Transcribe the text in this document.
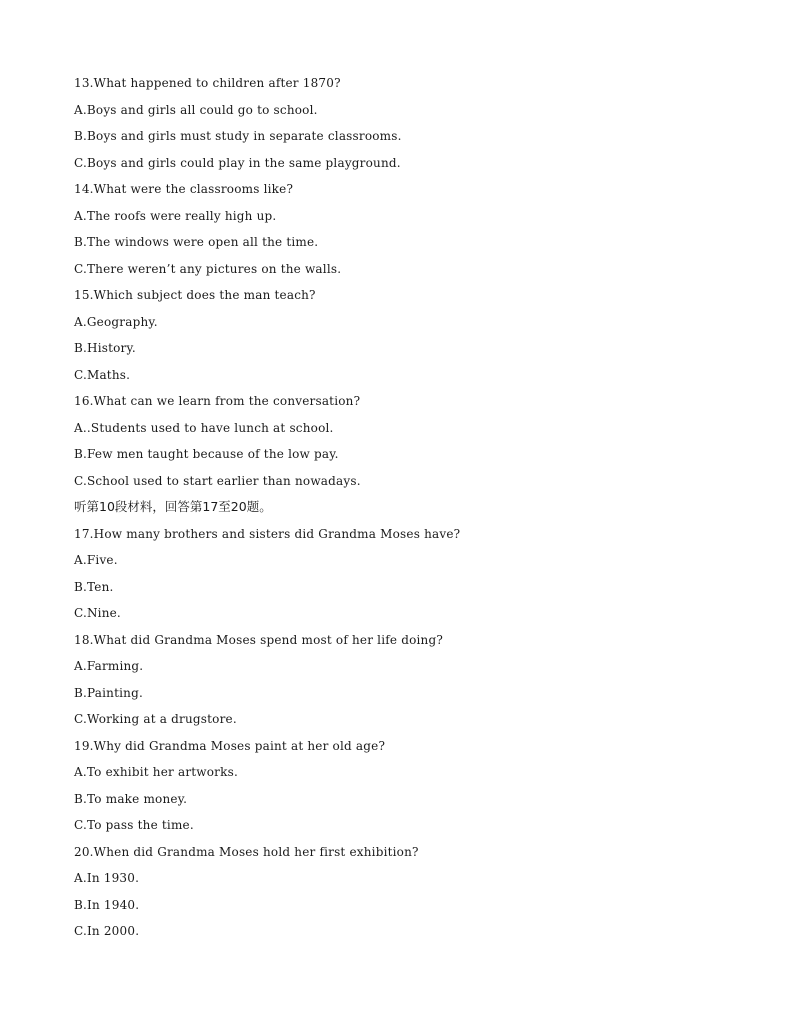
13.What happened to children after 1870?
A.Boys and girls all could go to school.
B.Boys and girls must study in separate classrooms.
C.Boys and girls could play in the same playground.
14.What were the classrooms like?
A.The roofs were really high up.
B.The windows were open all the time.
C.There weren’t any pictures on the walls.
15.Which subject does the man teach?
A.Geography.
B.History.
C.Maths.
16.What can we learn from the conversation?
A..Students used to have lunch at school.
B.Few men taught because of the low pay.
C.School used to start earlier than nowadays.
听第10段材料，回答第17至20题。
17.How many brothers and sisters did Grandma Moses have?
A.Five.
B.Ten.
C.Nine.
18.What did Grandma Moses spend most of her life doing?
A.Farming.
B.Painting.
C.Working at a drugstore.
19.Why did Grandma Moses paint at her old age?
A.To exhibit her artworks.
B.To make money.
C.To pass the time.
20.When did Grandma Moses hold her first exhibition?
A.In 1930.
B.In 1940.
C.In 2000.
